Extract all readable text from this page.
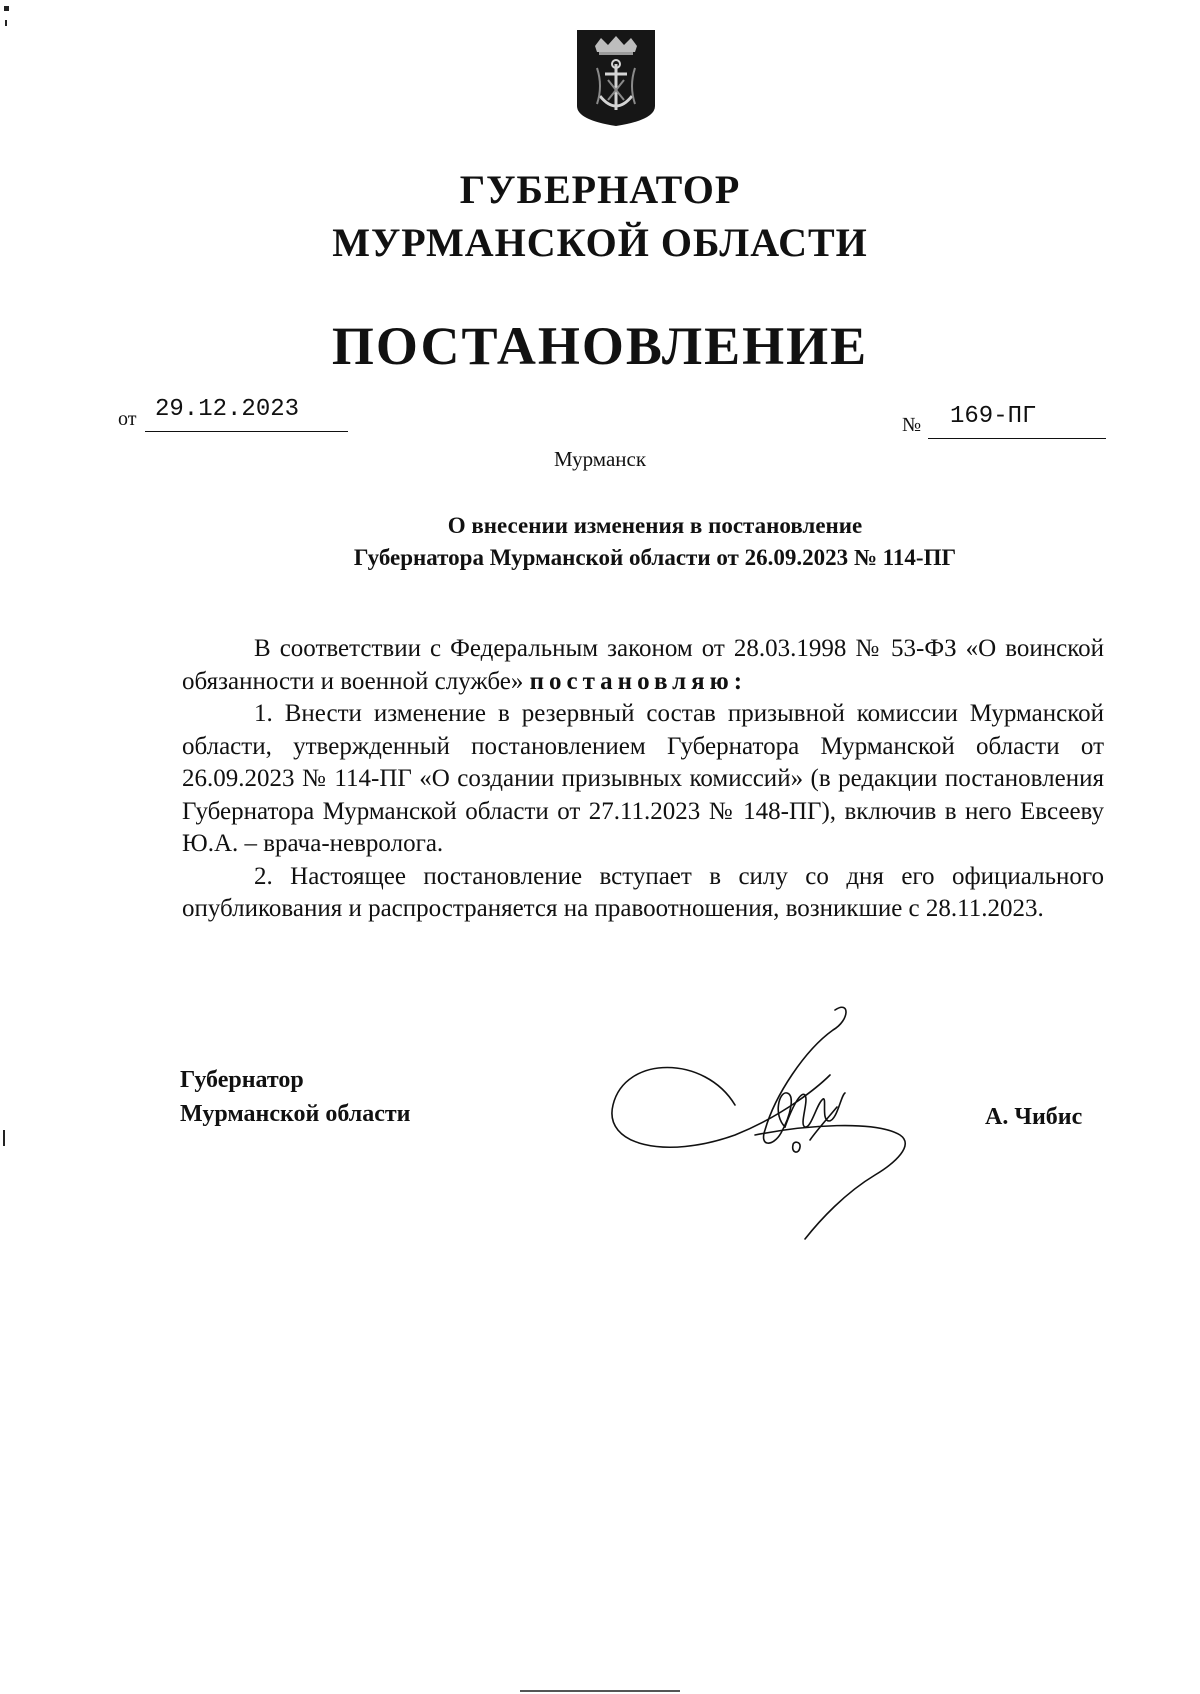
ГУБЕРНАТОР
МУРМАНСКОЙ ОБЛАСТИ
ПОСТАНОВЛЕНИЕ
от 29.12.2023
№ 169-ПГ
Мурманск
О внесении изменения в постановление
Губернатора Мурманской области от 26.09.2023 № 114-ПГ

В соответствии с Федеральным законом от 28.03.1998 № 53-ФЗ «О воинской обязанности и военной службе» постановляю:

1. Внести изменение в резервный состав призывной комиссии Мурманской области, утвержденный постановлением Губернатора Мурманской области от 26.09.2023 № 114-ПГ «О создании призывных комиссий» (в редакции постановления Губернатора Мурманской области от 27.11.2023 № 148-ПГ), включив в него Евсееву Ю.А. – врача-невролога.

2. Настоящее постановление вступает в силу со дня его официального опубликования и распространяется на правоотношения, возникшие с 28.11.2023.

Губернатор
Мурманской области	А. Чибис
